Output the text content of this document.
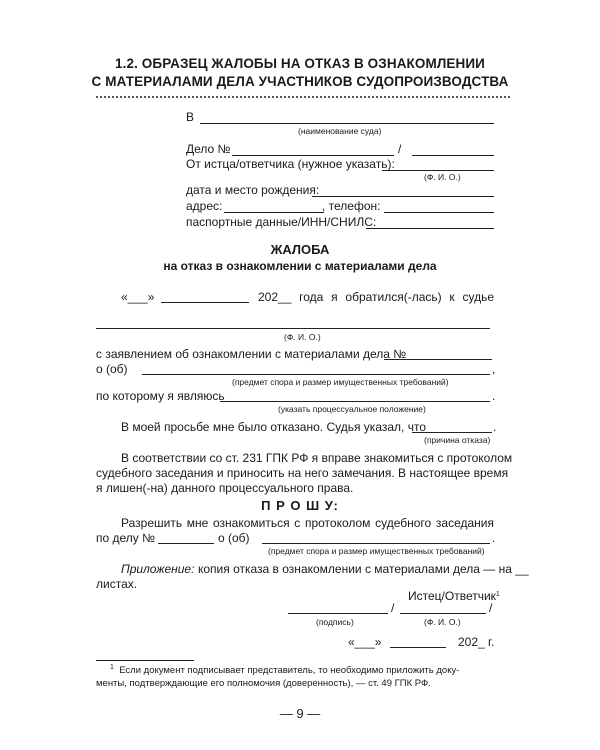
1.2. ОБРАЗЕЦ ЖАЛОБЫ НА ОТКАЗ В ОЗНАКОМЛЕНИИ
С МАТЕРИАЛАМИ ДЕЛА УЧАСТНИКОВ СУДОПРОИЗВОДСТВА
В
(наименование суда)
Дело №	/
От истца/ответчика (нужное указать):
(Ф. И. О.)
дата и место рождения:
адрес:	, телефон:
паспортные данные/ИНН/СНИЛС:
ЖАЛОБА
на отказ в ознакомлении с материалами дела
«___»	202__ года я обратился(-лась) к судье
(Ф. И. О.)
с заявлением об ознакомлении с материалами дела №
о (об)	,
(предмет спора и размер имущественных требований)
по которому я являюсь	.
(указать процессуальное положение)
В моей просьбе мне было отказано. Судья указал, что	.
(причина отказа)
В соответствии со ст. 231 ГПК РФ я вправе знакомиться с протоколом
судебного заседания и приносить на него замечания. В настоящее время
я лишен(-на) данного процессуального права.
П Р О Ш У:
Разрешить мне ознакомиться с протоколом судебного заседания
по делу №	о (об)	.
(предмет спора и размер имущественных требований)
Приложение: копия отказа в ознакомлении с материалами дела — на __
листах.
Истец/Ответчик$^1$
/	/
(подпись)	(Ф. И. О.)
«___»	202_ г.
$^1$ Если документ подписывает представитель, то необходимо приложить доку-
менты, подтверждающие его полномочия (доверенность), — ст. 49 ГПК РФ.
— 9 —
